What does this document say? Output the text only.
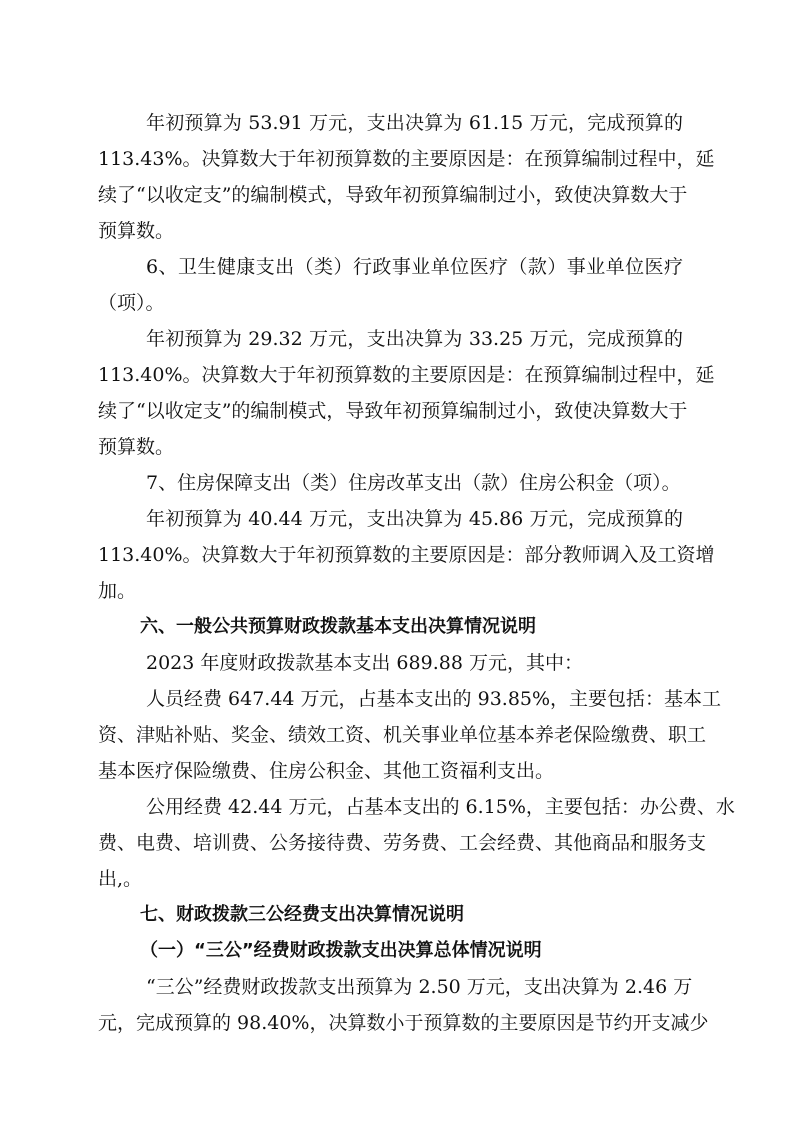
年初预算为 53.91 万元，支出决算为 61.15 万元，完成预算的
113.43%。决算数大于年初预算数的主要原因是：在预算编制过程中，延
续了“以收定支”的编制模式，导致年初预算编制过小，致使决算数大于
预算数。
6、卫生健康支出（类）行政事业单位医疗（款）事业单位医疗
（项）。
年初预算为 29.32 万元，支出决算为 33.25 万元，完成预算的
113.40%。决算数大于年初预算数的主要原因是：在预算编制过程中，延
续了“以收定支”的编制模式，导致年初预算编制过小，致使决算数大于
预算数。
7、住房保障支出（类）住房改革支出（款）住房公积金（项）。
年初预算为 40.44 万元，支出决算为 45.86 万元，完成预算的
113.40%。决算数大于年初预算数的主要原因是：部分教师调入及工资增
加。
六、一般公共预算财政拨款基本支出决算情况说明
2023 年度财政拨款基本支出 689.88 万元，其中：
人员经费 647.44 万元，占基本支出的 93.85%，主要包括：基本工
资、津贴补贴、奖金、绩效工资、机关事业单位基本养老保险缴费、职工
基本医疗保险缴费、住房公积金、其他工资福利支出。
公用经费 42.44 万元，占基本支出的 6.15%，主要包括：办公费、水
费、电费、培训费、公务接待费、劳务费、工会经费、其他商品和服务支
出,。
七、财政拨款三公经费支出决算情况说明
（一）“三公”经费财政拨款支出决算总体情况说明
“三公”经费财政拨款支出预算为 2.50 万元，支出决算为 2.46 万
元，完成预算的 98.40%，决算数小于预算数的主要原因是节约开支减少
